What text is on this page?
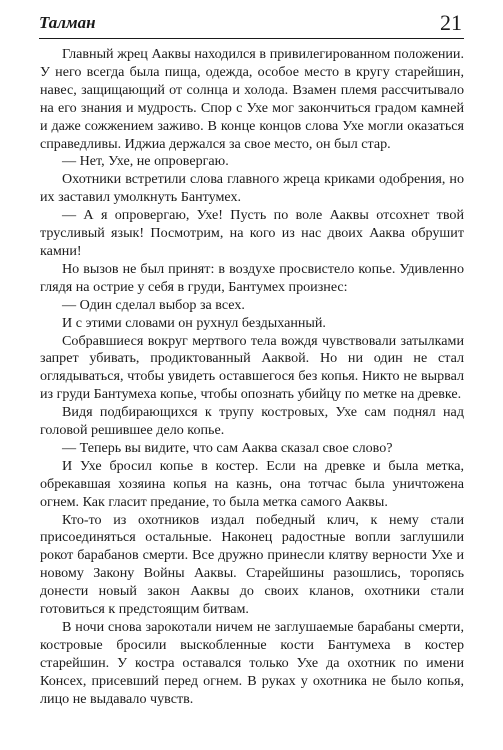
Талман	21

Главный жрец Ааквы находился в привилегированном положении. У него всегда была пища, одежда, особое место в кругу старейшин, навес, защищающий от солнца и холода. Взамен племя рассчитывало на его знания и мудрость. Спор с Ухе мог закончиться градом камней и даже сожжением заживо. В конце концов слова Ухе могли оказаться справедливы. Иджиа держался за свое место, он был стар.

— Нет, Ухе, не опровергаю.

Охотники встретили слова главного жреца криками одобрения, но их заставил умолкнуть Бантумех.

— А я опровергаю, Ухе! Пусть по воле Ааквы отсохнет твой трусливый язык! Посмотрим, на кого из нас двоих Ааква обрушит камни!

Но вызов не был принят: в воздухе просвистело копье. Удивленно глядя на острие у себя в груди, Бантумех произнес:

— Один сделал выбор за всех.

И с этими словами он рухнул бездыханный.

Собравшиеся вокруг мертвого тела вождя чувствовали затылками запрет убивать, продиктованный Ааквой. Но ни один не стал оглядываться, чтобы увидеть оставшегося без копья. Никто не вырвал из груди Бантумеха копье, чтобы опознать убийцу по метке на древке.

Видя подбирающихся к трупу костровых, Ухе сам поднял над головой решившее дело копье.

— Теперь вы видите, что сам Ааква сказал свое слово?

И Ухе бросил копье в костер. Если на древке и была метка, обрекавшая хозяина копья на казнь, она тотчас была уничтожена огнем. Как гласит предание, то была метка самого Ааквы.

Кто-то из охотников издал победный клич, к нему стали присоединяться остальные. Наконец радостные вопли заглушили рокот барабанов смерти. Все дружно принесли клятву верности Ухе и новому Закону Войны Ааквы. Старейшины разошлись, торопясь донести новый закон Ааквы до своих кланов, охотники стали готовиться к предстоящим битвам.

В ночи снова зарокотали ничем не заглушаемые барабаны смерти, костровые бросили выскобленные кости Бантумеха в костер старейшин. У костра оставался только Ухе да охотник по имени Консех, присевший перед огнем. В руках у охотника не было копья, лицо не выдавало чувств.
